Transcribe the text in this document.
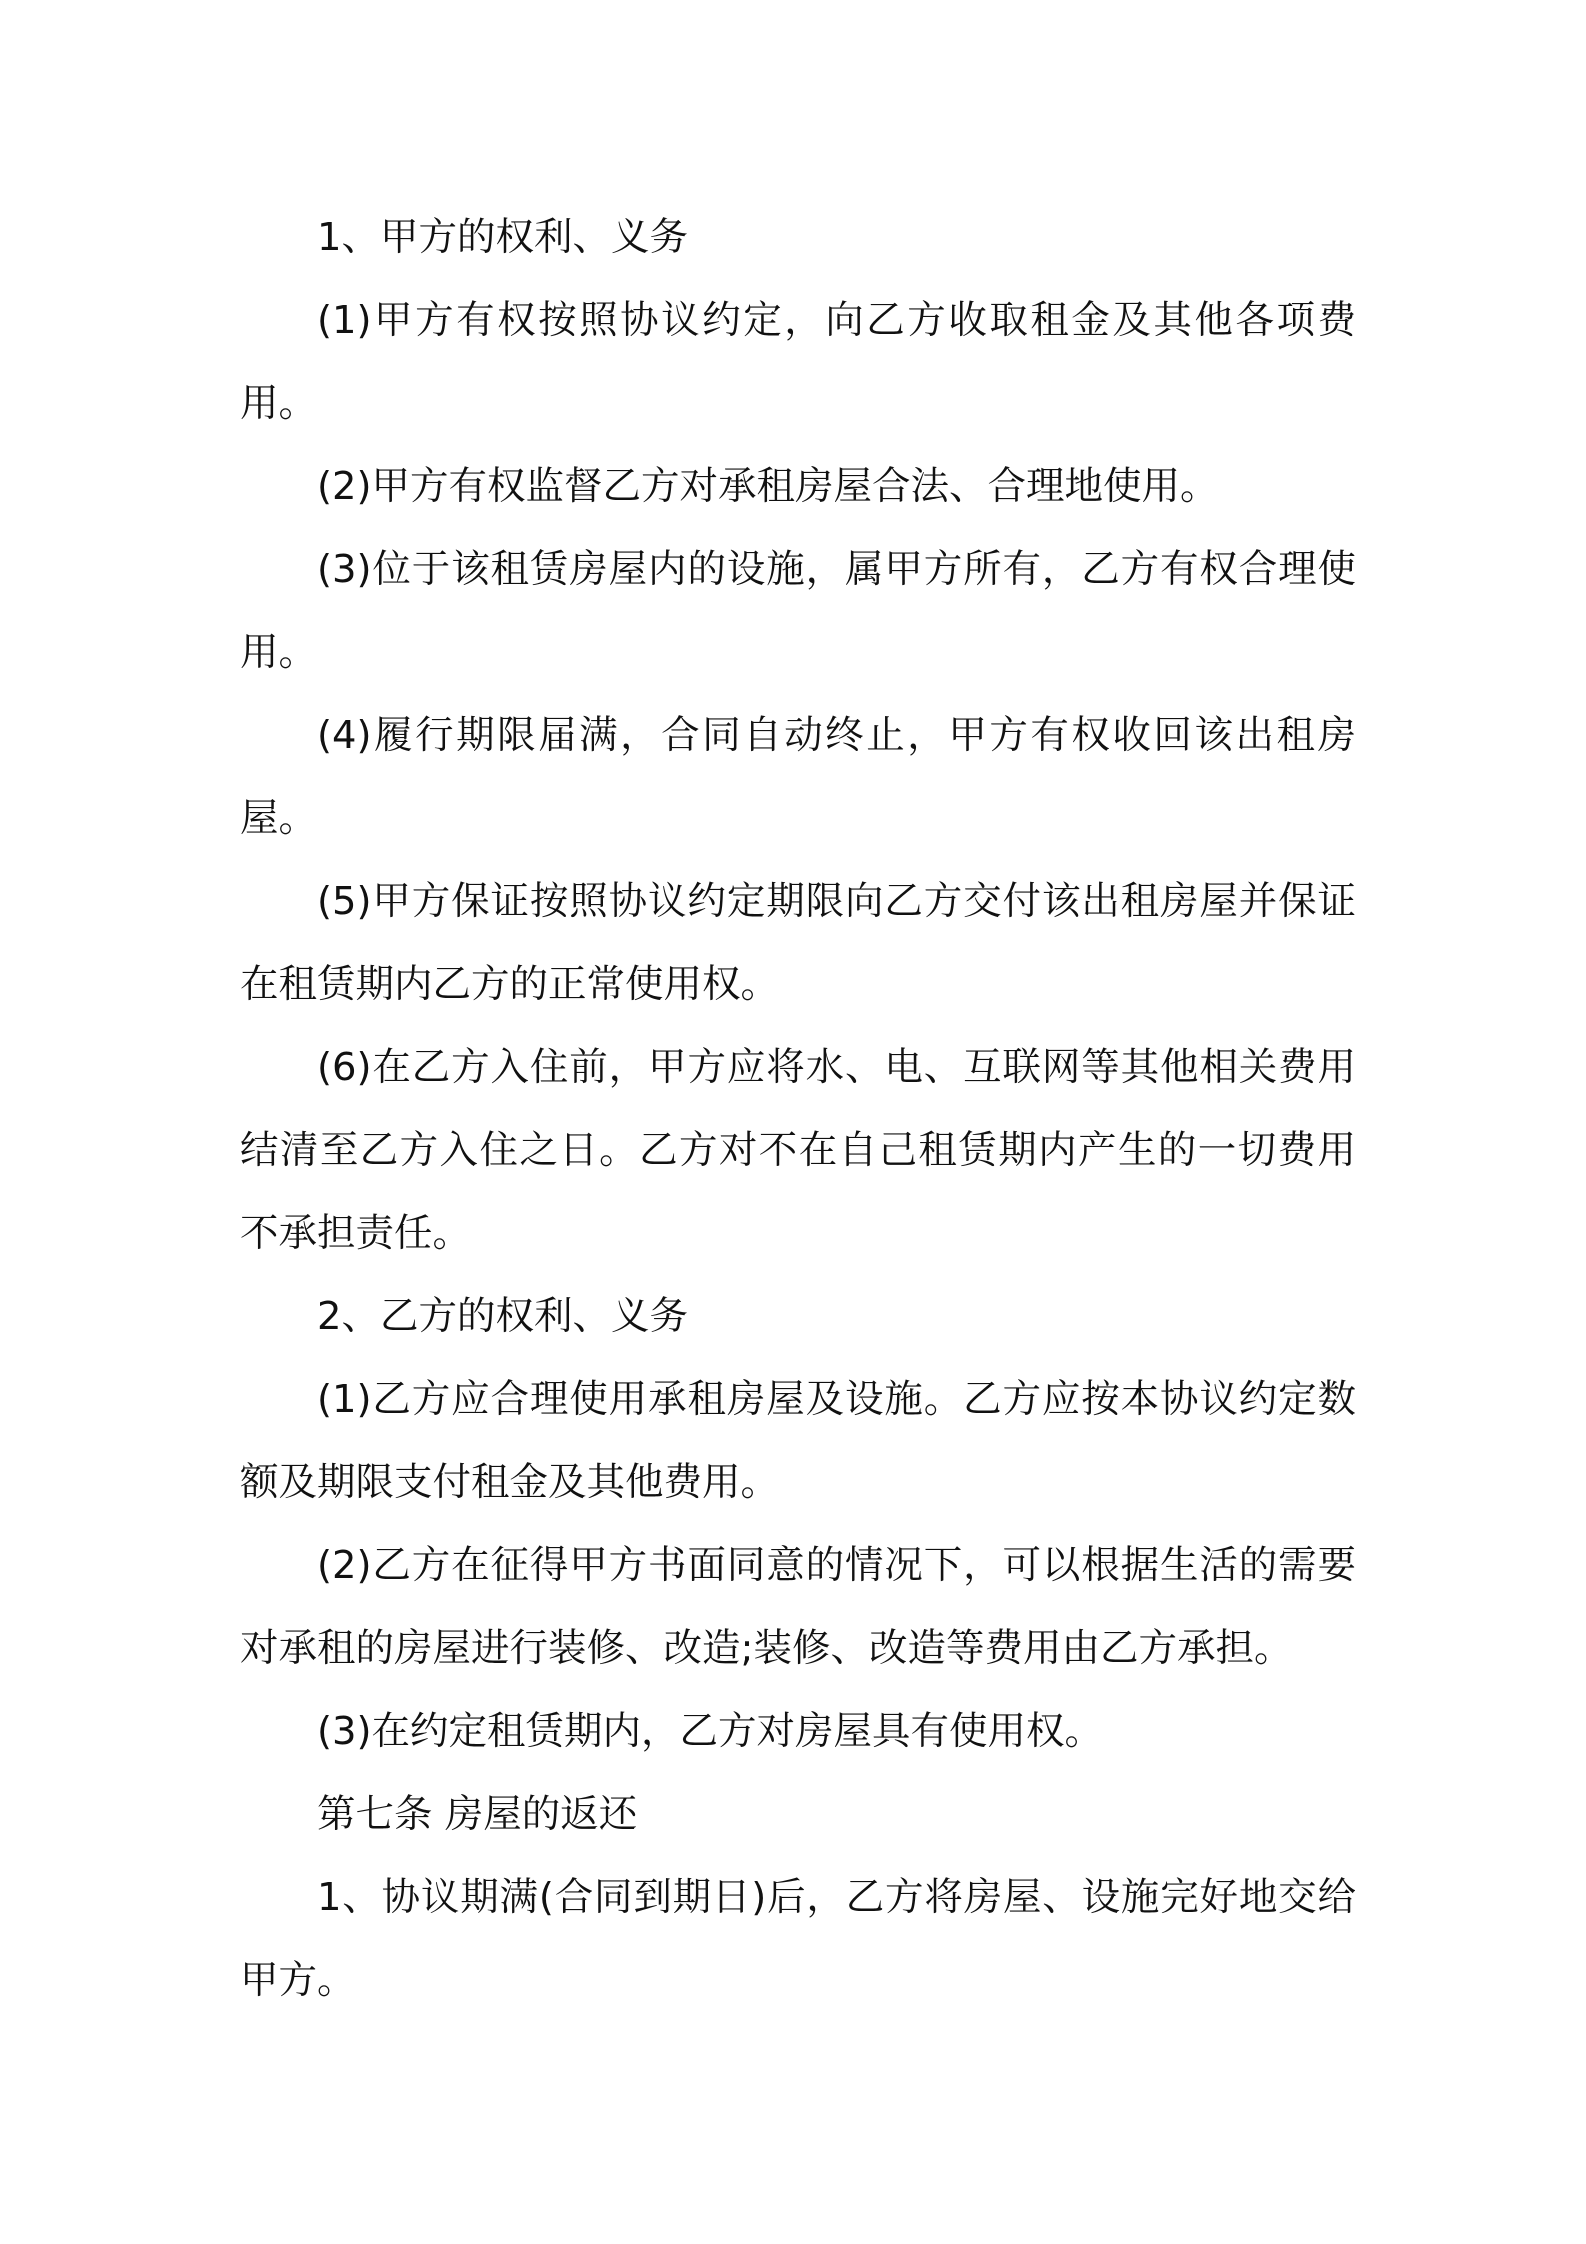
1、甲方的权利、义务

(1)甲方有权按照协议约定，向乙方收取租金及其他各项费用。

(2)甲方有权监督乙方对承租房屋合法、合理地使用。

(3)位于该租赁房屋内的设施，属甲方所有，乙方有权合理使用。

(4)履行期限届满，合同自动终止，甲方有权收回该出租房屋。

(5)甲方保证按照协议约定期限向乙方交付该出租房屋并保证在租赁期内乙方的正常使用权。

(6)在乙方入住前，甲方应将水、电、互联网等其他相关费用结清至乙方入住之日。乙方对不在自己租赁期内产生的一切费用不承担责任。

2、乙方的权利、义务

(1)乙方应合理使用承租房屋及设施。乙方应按本协议约定数额及期限支付租金及其他费用。

(2)乙方在征得甲方书面同意的情况下，可以根据生活的需要对承租的房屋进行装修、改造;装修、改造等费用由乙方承担。

(3)在约定租赁期内，乙方对房屋具有使用权。

第七条 房屋的返还

1、协议期满(合同到期日)后，乙方将房屋、设施完好地交给甲方。
